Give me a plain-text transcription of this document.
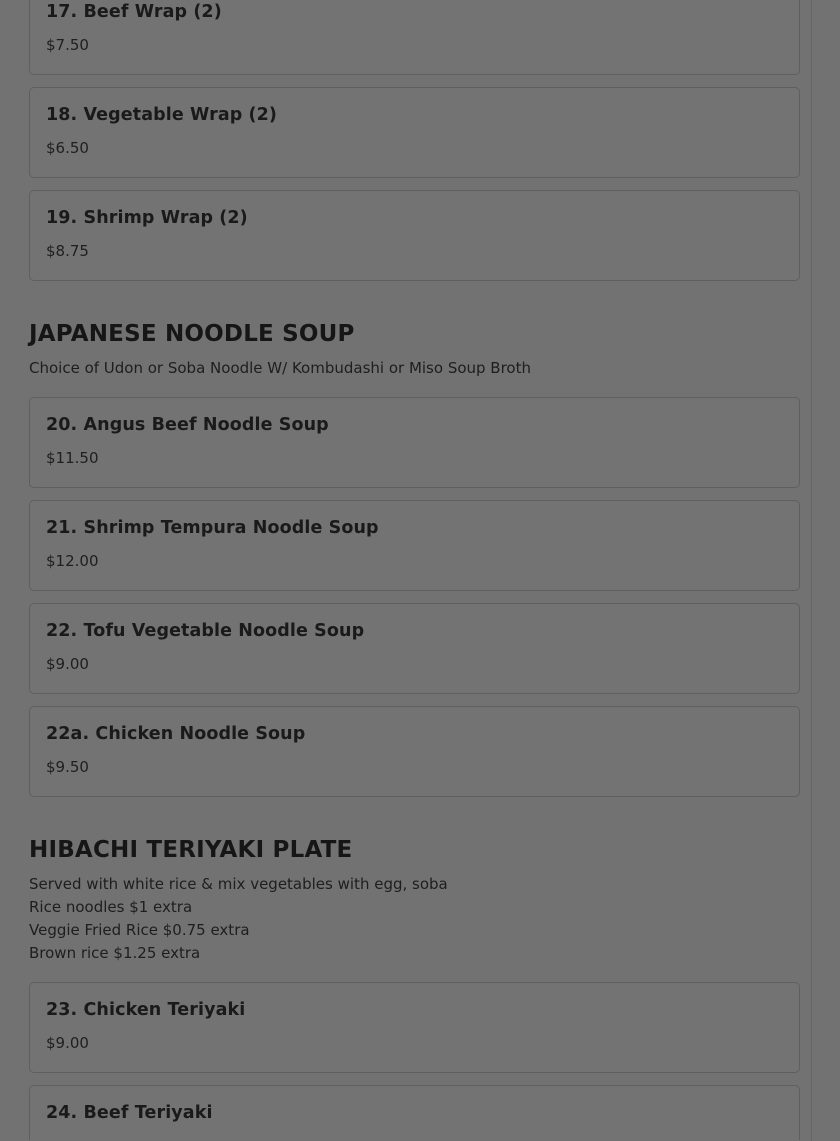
17. Beef Wrap (2)
$7.50
18. Vegetable Wrap (2)
$6.50
19. Shrimp Wrap (2)
$8.75
JAPANESE NOODLE SOUP
Choice of Udon or Soba Noodle W/ Kombudashi or Miso Soup Broth
20. Angus Beef Noodle Soup
$11.50
21. Shrimp Tempura Noodle Soup
$12.00
22. Tofu Vegetable Noodle Soup
$9.00
22a. Chicken Noodle Soup
$9.50
HIBACHI TERIYAKI PLATE
Served with white rice & mix vegetables with egg, soba
Rice noodles $1 extra
Veggie Fried Rice $0.75 extra
Brown rice $1.25 extra
23. Chicken Teriyaki
$9.00
24. Beef Teriyaki
